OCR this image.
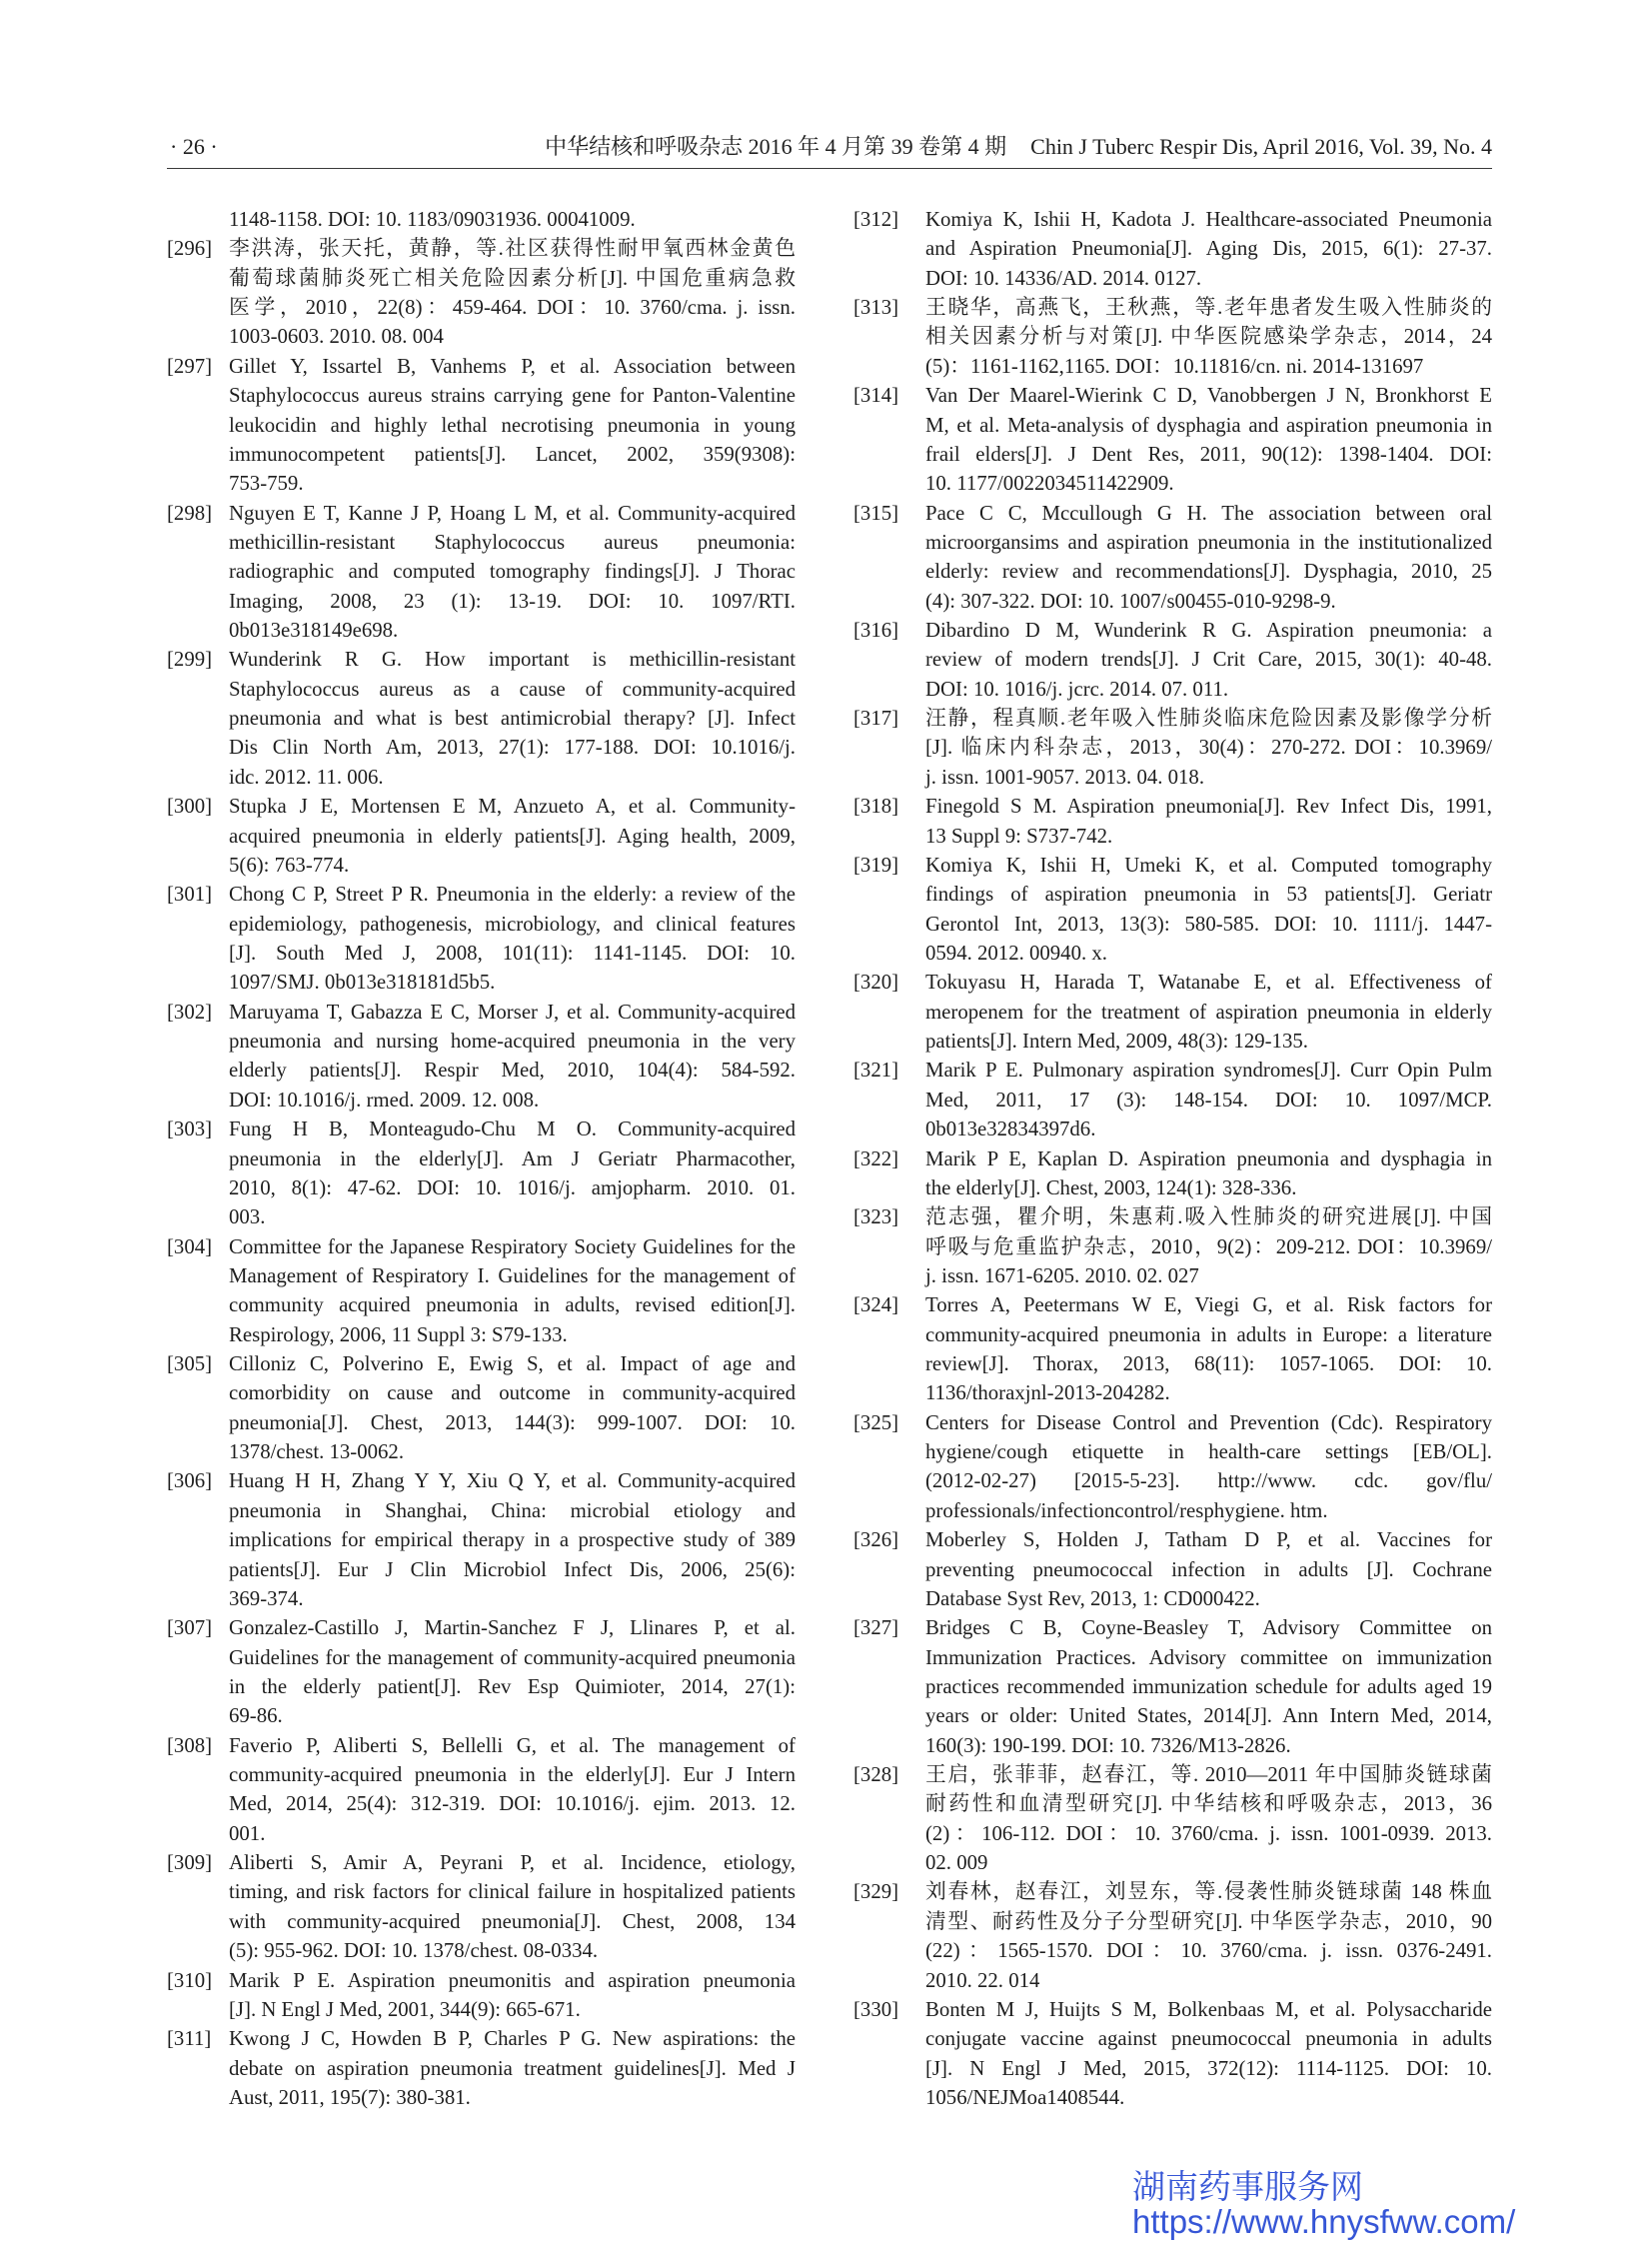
· 26 ·	中华结核和呼吸杂志 2016 年 4 月第 39 卷第 4 期 Chin J Tuberc Respir Dis, April 2016, Vol. 39, No. 4
1148-1158. DOI: 10. 1183/09031936. 00041009.
[296] 李洪涛，张天托，黄静，等.社区获得性耐甲氧西林金黄色
葡萄球菌肺炎死亡相关危险因素分析[J]. 中国危重病急救
医学，2010，22(8)：459-464. DOI：10. 3760/cma. j. issn.
1003-0603. 2010. 08. 004
[297] Gillet Y, Issartel B, Vanhems P, et al. Association between
Staphylococcus aureus strains carrying gene for Panton-Valentine
leukocidin and highly lethal necrotising pneumonia in young
immunocompetent patients[J]. Lancet, 2002, 359(9308):
753-759.
[298] Nguyen E T, Kanne J P, Hoang L M, et al. Community-acquired
methicillin-resistant Staphylococcus aureus pneumonia:
radiographic and computed tomography findings[J]. J Thorac
Imaging, 2008, 23 (1): 13-19. DOI: 10. 1097/RTI.
0b013e318149e698.
[299] Wunderink R G. How important is methicillin-resistant
Staphylococcus aureus as a cause of community-acquired
pneumonia and what is best antimicrobial therapy? [J]. Infect
Dis Clin North Am, 2013, 27(1): 177-188. DOI: 10.1016/j.
idc. 2012. 11. 006.
[300] Stupka J E, Mortensen E M, Anzueto A, et al. Community-
acquired pneumonia in elderly patients[J]. Aging health, 2009,
5(6): 763-774.
[301] Chong C P, Street P R. Pneumonia in the elderly: a review of the
epidemiology, pathogenesis, microbiology, and clinical features
[J]. South Med J, 2008, 101(11): 1141-1145. DOI: 10.
1097/SMJ. 0b013e318181d5b5.
[302] Maruyama T, Gabazza E C, Morser J, et al. Community-acquired
pneumonia and nursing home-acquired pneumonia in the very
elderly patients[J]. Respir Med, 2010, 104(4): 584-592.
DOI: 10.1016/j. rmed. 2009. 12. 008.
[303] Fung H B, Monteagudo-Chu M O. Community-acquired
pneumonia in the elderly[J]. Am J Geriatr Pharmacother,
2010, 8(1): 47-62. DOI: 10. 1016/j. amjopharm. 2010. 01.
003.
[304] Committee for the Japanese Respiratory Society Guidelines for the
Management of Respiratory I. Guidelines for the management of
community acquired pneumonia in adults, revised edition[J].
Respirology, 2006, 11 Suppl 3: S79-133.
[305] Cilloniz C, Polverino E, Ewig S, et al. Impact of age and
comorbidity on cause and outcome in community-acquired
pneumonia[J]. Chest, 2013, 144(3): 999-1007. DOI: 10.
1378/chest. 13-0062.
[306] Huang H H, Zhang Y Y, Xiu Q Y, et al. Community-acquired
pneumonia in Shanghai, China: microbial etiology and
implications for empirical therapy in a prospective study of 389
patients[J]. Eur J Clin Microbiol Infect Dis, 2006, 25(6):
369-374.
[307] Gonzalez-Castillo J, Martin-Sanchez F J, Llinares P, et al.
Guidelines for the management of community-acquired pneumonia
in the elderly patient[J]. Rev Esp Quimioter, 2014, 27(1):
69-86.
[308] Faverio P, Aliberti S, Bellelli G, et al. The management of
community-acquired pneumonia in the elderly[J]. Eur J Intern
Med, 2014, 25(4): 312-319. DOI: 10.1016/j. ejim. 2013. 12.
001.
[309] Aliberti S, Amir A, Peyrani P, et al. Incidence, etiology,
timing, and risk factors for clinical failure in hospitalized patients
with community-acquired pneumonia[J]. Chest, 2008, 134
(5): 955-962. DOI: 10. 1378/chest. 08-0334.
[310] Marik P E. Aspiration pneumonitis and aspiration pneumonia
[J]. N Engl J Med, 2001, 344(9): 665-671.
[311] Kwong J C, Howden B P, Charles P G. New aspirations: the
debate on aspiration pneumonia treatment guidelines[J]. Med J
Aust, 2011, 195(7): 380-381.
[312] Komiya K, Ishii H, Kadota J. Healthcare-associated Pneumonia
and Aspiration Pneumonia[J]. Aging Dis, 2015, 6(1): 27-37.
DOI: 10. 14336/AD. 2014. 0127.
[313] 王晓华，高燕飞，王秋燕，等.老年患者发生吸入性肺炎的
相关因素分析与对策[J]. 中华医院感染学杂志，2014，24
(5)：1161-1162,1165. DOI：10.11816/cn. ni. 2014-131697
[314] Van Der Maarel-Wierink C D, Vanobbergen J N, Bronkhorst E
M, et al. Meta-analysis of dysphagia and aspiration pneumonia in
frail elders[J]. J Dent Res, 2011, 90(12): 1398-1404. DOI:
10. 1177/0022034511422909.
[315] Pace C C, Mccullough G H. The association between oral
microorgansims and aspiration pneumonia in the institutionalized
elderly: review and recommendations[J]. Dysphagia, 2010, 25
(4): 307-322. DOI: 10. 1007/s00455-010-9298-9.
[316] Dibardino D M, Wunderink R G. Aspiration pneumonia: a
review of modern trends[J]. J Crit Care, 2015, 30(1): 40-48.
DOI: 10. 1016/j. jcrc. 2014. 07. 011.
[317] 汪静，程真顺.老年吸入性肺炎临床危险因素及影像学分析
[J]. 临床内科杂志，2013，30(4)：270-272. DOI：10.3969/
j. issn. 1001-9057. 2013. 04. 018.
[318] Finegold S M. Aspiration pneumonia[J]. Rev Infect Dis, 1991,
13 Suppl 9: S737-742.
[319] Komiya K, Ishii H, Umeki K, et al. Computed tomography
findings of aspiration pneumonia in 53 patients[J]. Geriatr
Gerontol Int, 2013, 13(3): 580-585. DOI: 10. 1111/j. 1447-
0594. 2012. 00940. x.
[320] Tokuyasu H, Harada T, Watanabe E, et al. Effectiveness of
meropenem for the treatment of aspiration pneumonia in elderly
patients[J]. Intern Med, 2009, 48(3): 129-135.
[321] Marik P E. Pulmonary aspiration syndromes[J]. Curr Opin Pulm
Med, 2011, 17 (3): 148-154. DOI: 10. 1097/MCP.
0b013e32834397d6.
[322] Marik P E, Kaplan D. Aspiration pneumonia and dysphagia in
the elderly[J]. Chest, 2003, 124(1): 328-336.
[323] 范志强，瞿介明，朱惠莉.吸入性肺炎的研究进展[J]. 中国
呼吸与危重监护杂志，2010，9(2)：209-212. DOI：10.3969/
j. issn. 1671-6205. 2010. 02. 027
[324] Torres A, Peetermans W E, Viegi G, et al. Risk factors for
community-acquired pneumonia in adults in Europe: a literature
review[J]. Thorax, 2013, 68(11): 1057-1065. DOI: 10.
1136/thoraxjnl-2013-204282.
[325] Centers for Disease Control and Prevention (Cdc). Respiratory
hygiene/cough etiquette in health-care settings [EB/OL].
(2012-02-27) [2015-5-23]. http://www. cdc. gov/flu/
professionals/infectioncontrol/resphygiene. htm.
[326] Moberley S, Holden J, Tatham D P, et al. Vaccines for
preventing pneumococcal infection in adults [J]. Cochrane
Database Syst Rev, 2013, 1: CD000422.
[327] Bridges C B, Coyne-Beasley T, Advisory Committee on
Immunization Practices. Advisory committee on immunization
practices recommended immunization schedule for adults aged 19
years or older: United States, 2014[J]. Ann Intern Med, 2014,
160(3): 190-199. DOI: 10. 7326/M13-2826.
[328] 王启，张菲菲，赵春江，等. 2010—2011 年中国肺炎链球菌
耐药性和血清型研究[J]. 中华结核和呼吸杂志，2013，36
(2)：106-112. DOI：10. 3760/cma. j. issn. 1001-0939. 2013.
02. 009
[329] 刘春林，赵春江，刘昱东，等.侵袭性肺炎链球菌 148 株血
清型、耐药性及分子分型研究[J]. 中华医学杂志，2010，90
(22)：1565-1570. DOI：10. 3760/cma. j. issn. 0376-2491.
2010. 22. 014
[330] Bonten M J, Huijts S M, Bolkenbaas M, et al. Polysaccharide
conjugate vaccine against pneumococcal pneumonia in adults
[J]. N Engl J Med, 2015, 372(12): 1114-1125. DOI: 10.
1056/NEJMoa1408544.
湖南药事服务网
https://www.hnysfww.com/
